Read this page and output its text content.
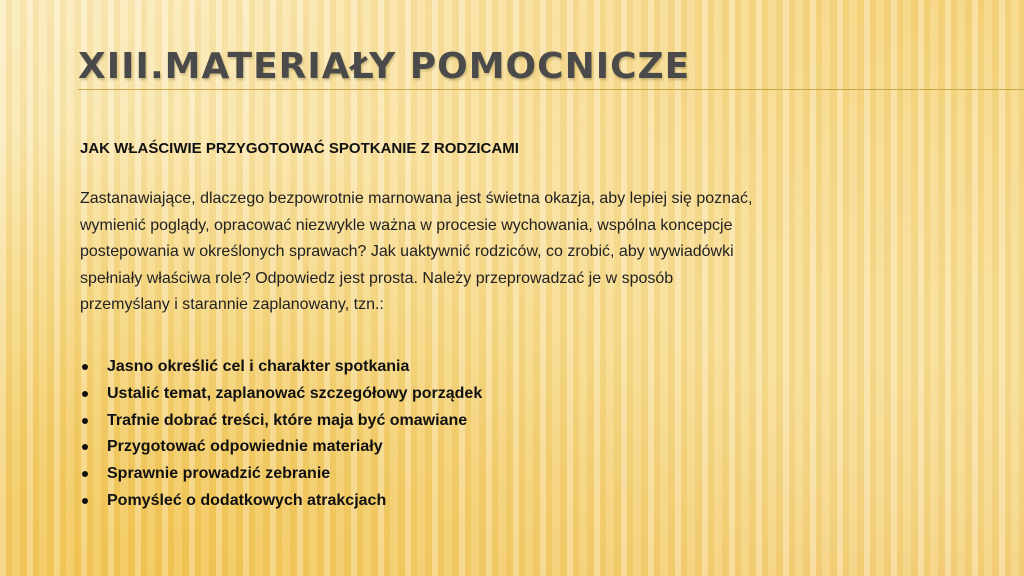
XIII.MATERIAŁY POMOCNICZE
JAK WŁAŚCIWIE PRZYGOTOWAĆ SPOTKANIE Z RODZICAMI

Zastanawiające, dlaczego bezpowrotnie marnowana jest świetna okazja, aby lepiej się poznać,
wymienić poglądy, opracować niezwykle ważna w procesie wychowania, wspólna koncepcje
postepowania w określonych sprawach? Jak uaktywnić rodziców, co zrobić, aby wywiadówki
spełniały właściwa role? Odpowiedz jest prosta. Należy przeprowadzać je w sposób
przemyślany i starannie zaplanowany, tzn.:

Jasno określić cel i charakter spotkania
Ustalić temat, zaplanować szczegółowy porządek
Trafnie dobrać treści, które maja być omawiane
Przygotować odpowiednie materiały
Sprawnie prowadzić zebranie
Pomyśleć o dodatkowych atrakcjach
